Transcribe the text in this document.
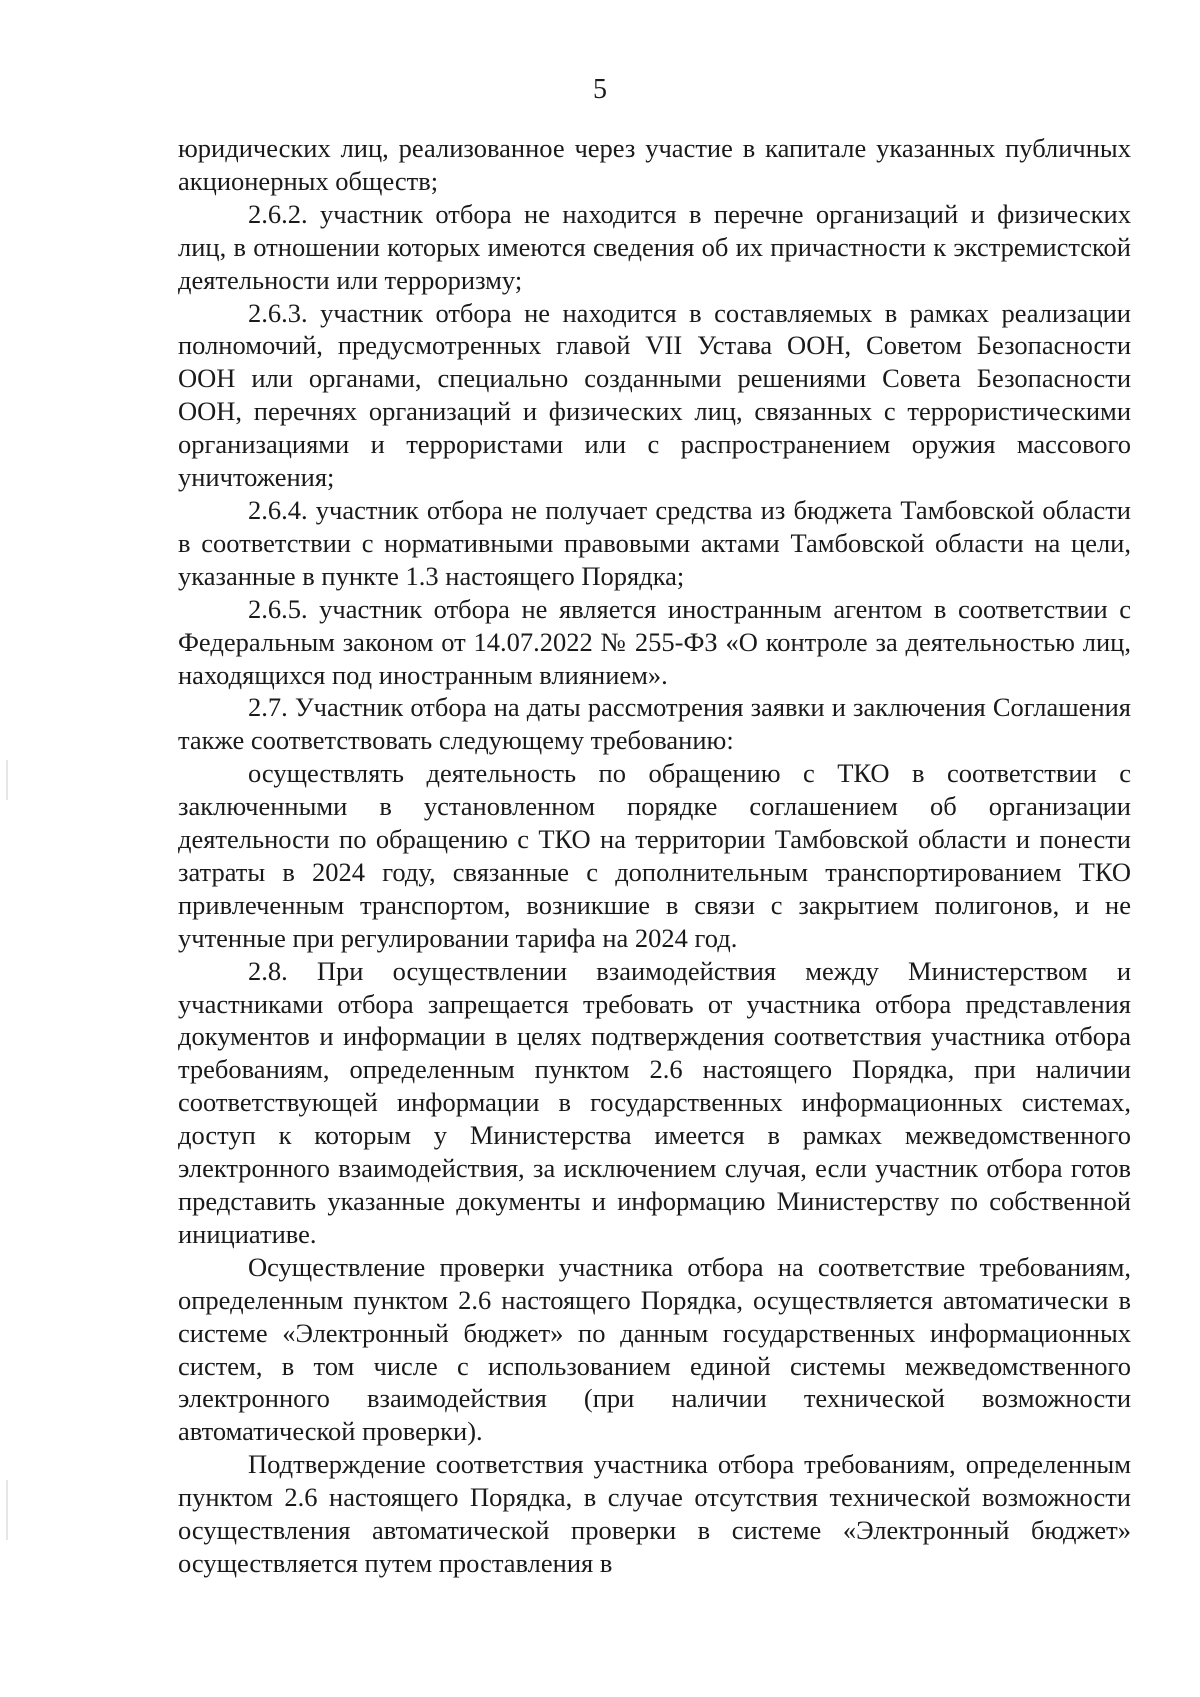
5

юридических лиц, реализованное через участие в капитале указанных публичных акционерных обществ;

2.6.2. участник отбора не находится в перечне организаций и физических лиц, в отношении которых имеются сведения об их причастности к экстремистской деятельности или терроризму;

2.6.3. участник отбора не находится в составляемых в рамках реализации полномочий, предусмотренных главой VII Устава ООН, Советом Безопасности ООН или органами, специально созданными решениями Совета Безопасности ООН, перечнях организаций и физических лиц, связанных с террористическими организациями и террористами или с распространением оружия массового уничтожения;

2.6.4. участник отбора не получает средства из бюджета Тамбовской области в соответствии с нормативными правовыми актами Тамбовской области на цели, указанные в пункте 1.3 настоящего Порядка;

2.6.5. участник отбора не является иностранным агентом в соответствии с Федеральным законом от 14.07.2022 № 255-ФЗ «О контроле за деятельностью лиц, находящихся под иностранным влиянием».

2.7. Участник отбора на даты рассмотрения заявки и заключения Соглашения также соответствовать следующему требованию:

осуществлять деятельность по обращению с ТКО в соответствии с заключенными в установленном порядке соглашением об организации деятельности по обращению с ТКО на территории Тамбовской области и понести затраты в 2024 году, связанные с дополнительным транспортированием ТКО привлеченным транспортом, возникшие в связи с закрытием полигонов, и не учтенные при регулировании тарифа на 2024 год.

2.8. При осуществлении взаимодействия между Министерством и участниками отбора запрещается требовать от участника отбора представления документов и информации в целях подтверждения соответствия участника отбора требованиям, определенным пунктом 2.6 настоящего Порядка, при наличии соответствующей информации в государственных информационных системах, доступ к которым у Министерства имеется в рамках межведомственного электронного взаимодействия, за исключением случая, если участник отбора готов представить указанные документы и информацию Министерству по собственной инициативе.

Осуществление проверки участника отбора на соответствие требованиям, определенным пунктом 2.6 настоящего Порядка, осуществляется автоматически в системе «Электронный бюджет» по данным государственных информационных систем, в том числе с использованием единой системы межведомственного электронного взаимодействия (при наличии технической возможности автоматической проверки).

Подтверждение соответствия участника отбора требованиям, определенным пунктом 2.6 настоящего Порядка, в случае отсутствия технической возможности осуществления автоматической проверки в системе «Электронный бюджет» осуществляется путем проставления в
